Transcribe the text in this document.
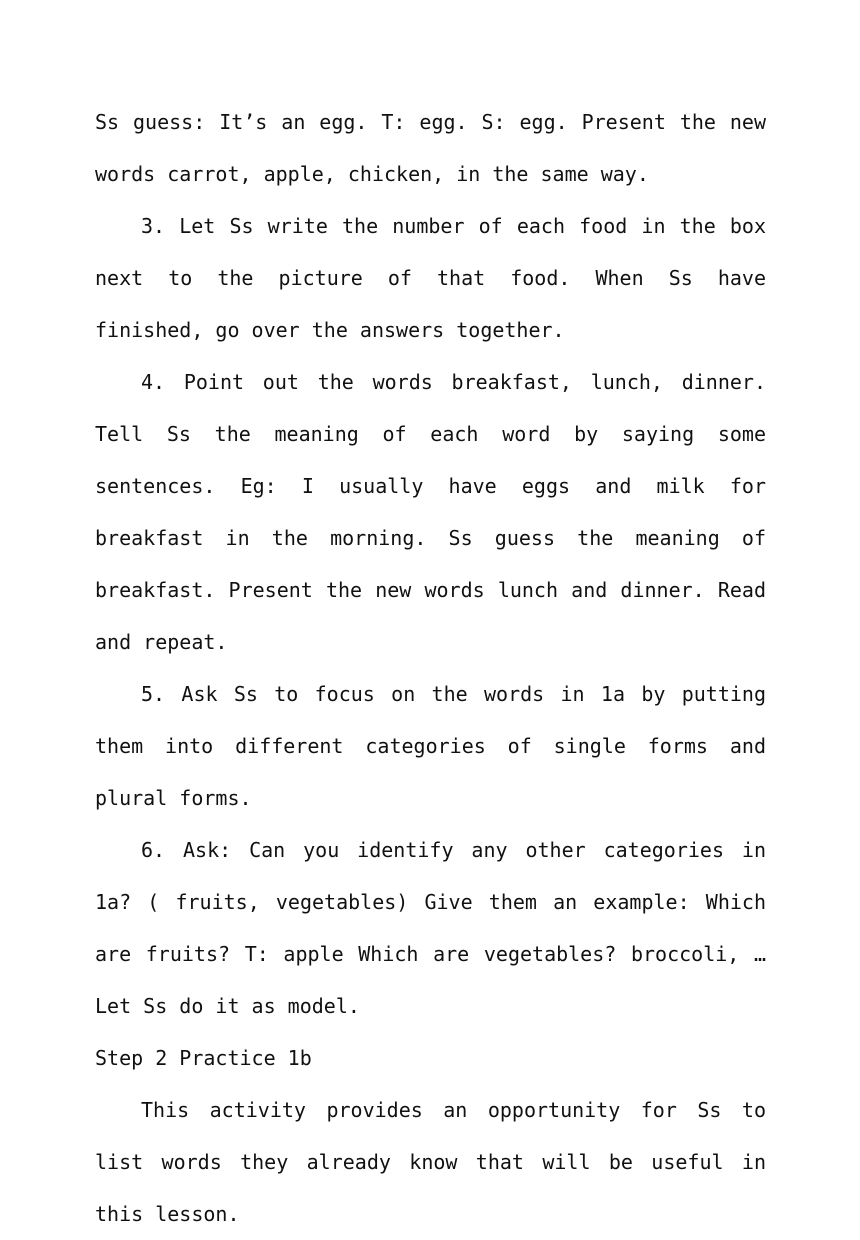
Ss guess: It’s an egg. T: egg. S: egg. Present the new words carrot, apple, chicken, in the same way.

3. Let Ss write the number of each food in the box next to the picture of that food. When Ss have finished, go over the answers together.

4. Point out the words breakfast, lunch, dinner. Tell Ss the meaning of each word by saying some sentences. Eg: I usually have eggs and milk for breakfast in the morning. Ss guess the meaning of breakfast. Present the new words lunch and dinner. Read and repeat.

5. Ask Ss to focus on the words in 1a by putting them into different categories of single forms and plural forms.

6. Ask: Can you identify any other categories in 1a? ( fruits, vegetables) Give them an example: Which are fruits? T: apple Which are vegetables? broccoli, …Let Ss do it as model.

Step 2 Practice 1b

This activity provides an opportunity for Ss to list words they already know that will be useful in this lesson.
